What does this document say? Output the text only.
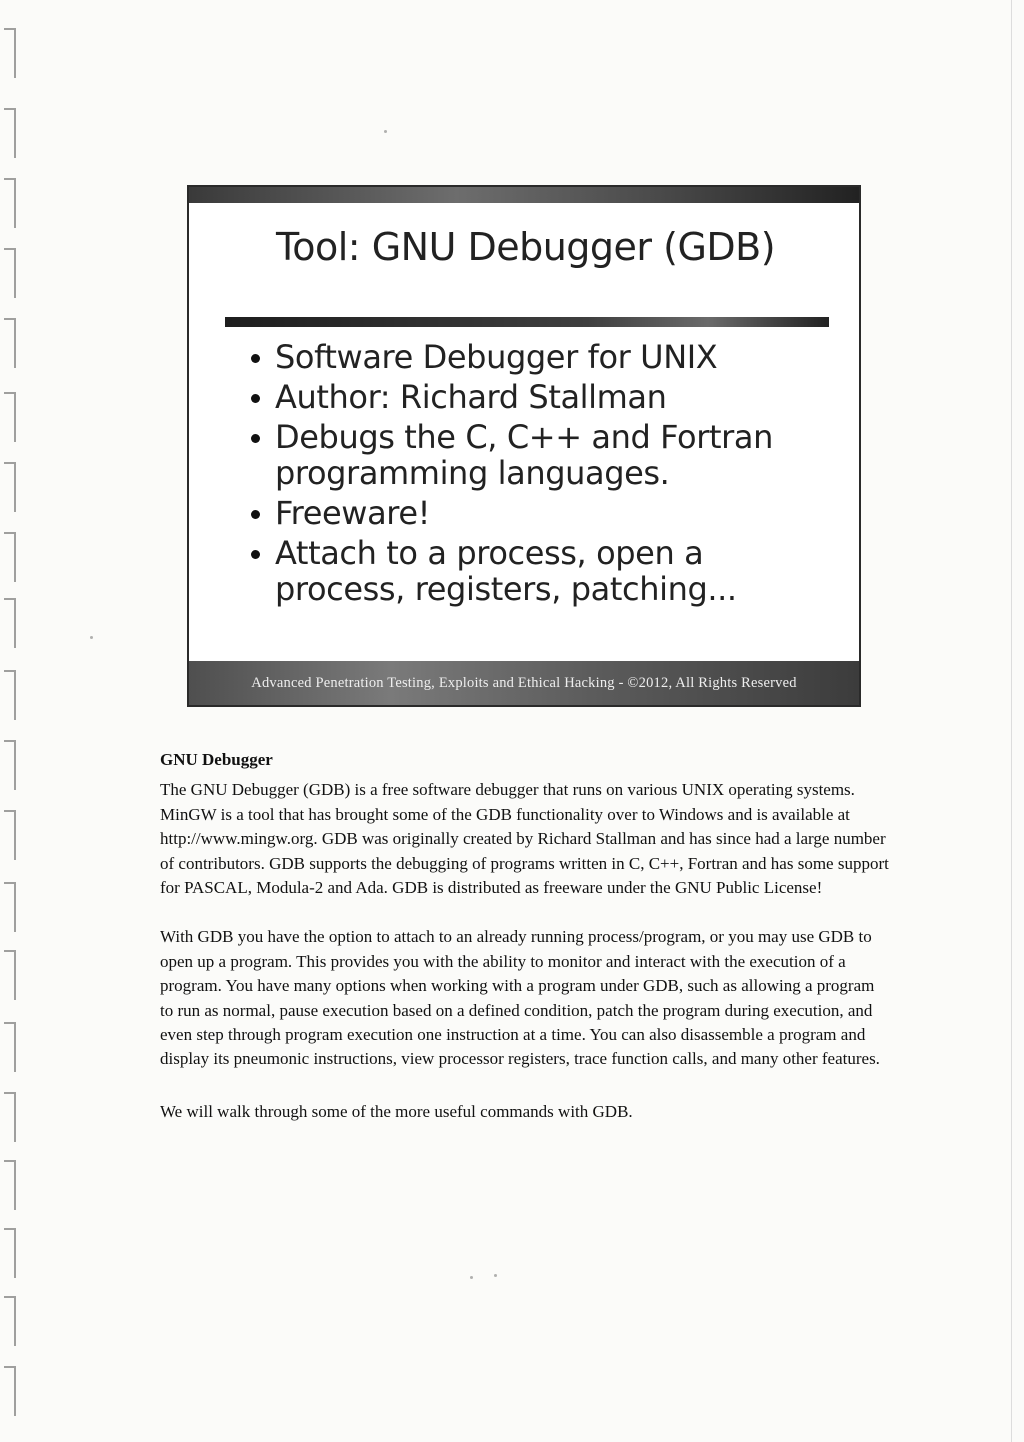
Tool: GNU Debugger (GDB)
Software Debugger for UNIX
Author: Richard Stallman
Debugs the C, C++ and Fortran programming languages.
Freeware!
Attach to a process, open a process, registers, patching...
Advanced Penetration Testing, Exploits and Ethical Hacking - ©2012, All Rights Reserved
GNU Debugger

The GNU Debugger (GDB) is a free software debugger that runs on various UNIX operating systems. MinGW is a tool that has brought some of the GDB functionality over to Windows and is available at http://www.mingw.org. GDB was originally created by Richard Stallman and has since had a large number of contributors. GDB supports the debugging of programs written in C, C++, Fortran and has some support for PASCAL, Modula-2 and Ada. GDB is distributed as freeware under the GNU Public License!

With GDB you have the option to attach to an already running process/program, or you may use GDB to open up a program. This provides you with the ability to monitor and interact with the execution of a program. You have many options when working with a program under GDB, such as allowing a program to run as normal, pause execution based on a defined condition, patch the program during execution, and even step through program execution one instruction at a time. You can also disassemble a program and display its pneumonic instructions, view processor registers, trace function calls, and many other features.

We will walk through some of the more useful commands with GDB.
